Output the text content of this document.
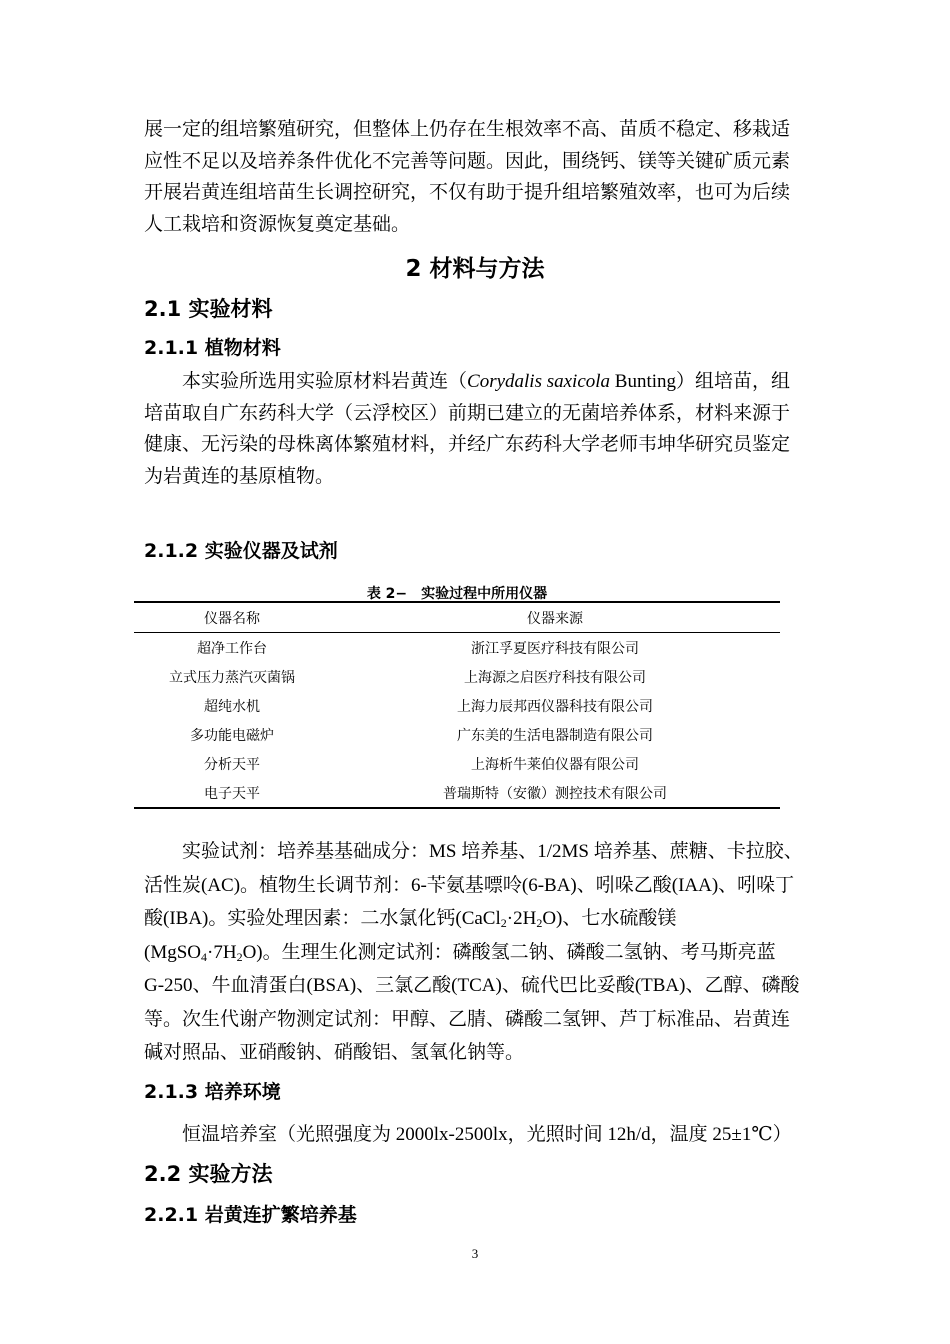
展一定的组培繁殖研究，但整体上仍存在生根效率不高、苗质不稳定、移栽适
应性不足以及培养条件优化不完善等问题。因此，围绕钙、镁等关键矿质元素
开展岩黄连组培苗生长调控研究，不仅有助于提升组培繁殖效率，也可为后续
人工栽培和资源恢复奠定基础。
2 材料与方法
2.1 实验材料
2.1.1 植物材料
本实验所选用实验原材料岩黄连（Corydalis saxicola Bunting）组培苗，组
培苗取自广东药科大学（云浮校区）前期已建立的无菌培养体系，材料来源于
健康、无污染的母株离体繁殖材料，并经广东药科大学老师韦坤华研究员鉴定
为岩黄连的基原植物。
2.1.2 实验仪器及试剂

表 2−　实验过程中所用仪器

仪器名称	仪器来源
超净工作台	浙江孚夏医疗科技有限公司
立式压力蒸汽灭菌锅	上海源之启医疗科技有限公司
超纯水机	上海力辰邦西仪器科技有限公司
多功能电磁炉	广东美的生活电器制造有限公司
分析天平	上海析牛莱伯仪器有限公司
电子天平	普瑞斯特（安徽）测控技术有限公司
实验试剂：培养基基础成分：MS 培养基、1/2MS 培养基、蔗糖、卡拉胶、
活性炭(AC)。植物生长调节剂：6-苄氨基嘌呤(6-BA)、吲哚乙酸(IAA)、吲哚丁
酸(IBA)。实验处理因素：二水氯化钙$(CaCl_2\cdot 2H_2O)$、七水硫酸镁
$(MgSO_4\cdot 7H_2O)$。生理生化测定试剂：磷酸氢二钠、磷酸二氢钠、考马斯亮蓝
G-250、牛血清蛋白(BSA)、三氯乙酸(TCA)、硫代巴比妥酸(TBA)、乙醇、磷酸
等。次生代谢产物测定试剂：甲醇、乙腈、磷酸二氢钾、芦丁标准品、岩黄连
碱对照品、亚硝酸钠、硝酸铝、氢氧化钠等。
2.1.3 培养环境
恒温培养室（光照强度为 2000lx-2500lx，光照时间 12h/d，温度 25±1℃）
2.2 实验方法
2.2.1 岩黄连扩繁培养基
3
